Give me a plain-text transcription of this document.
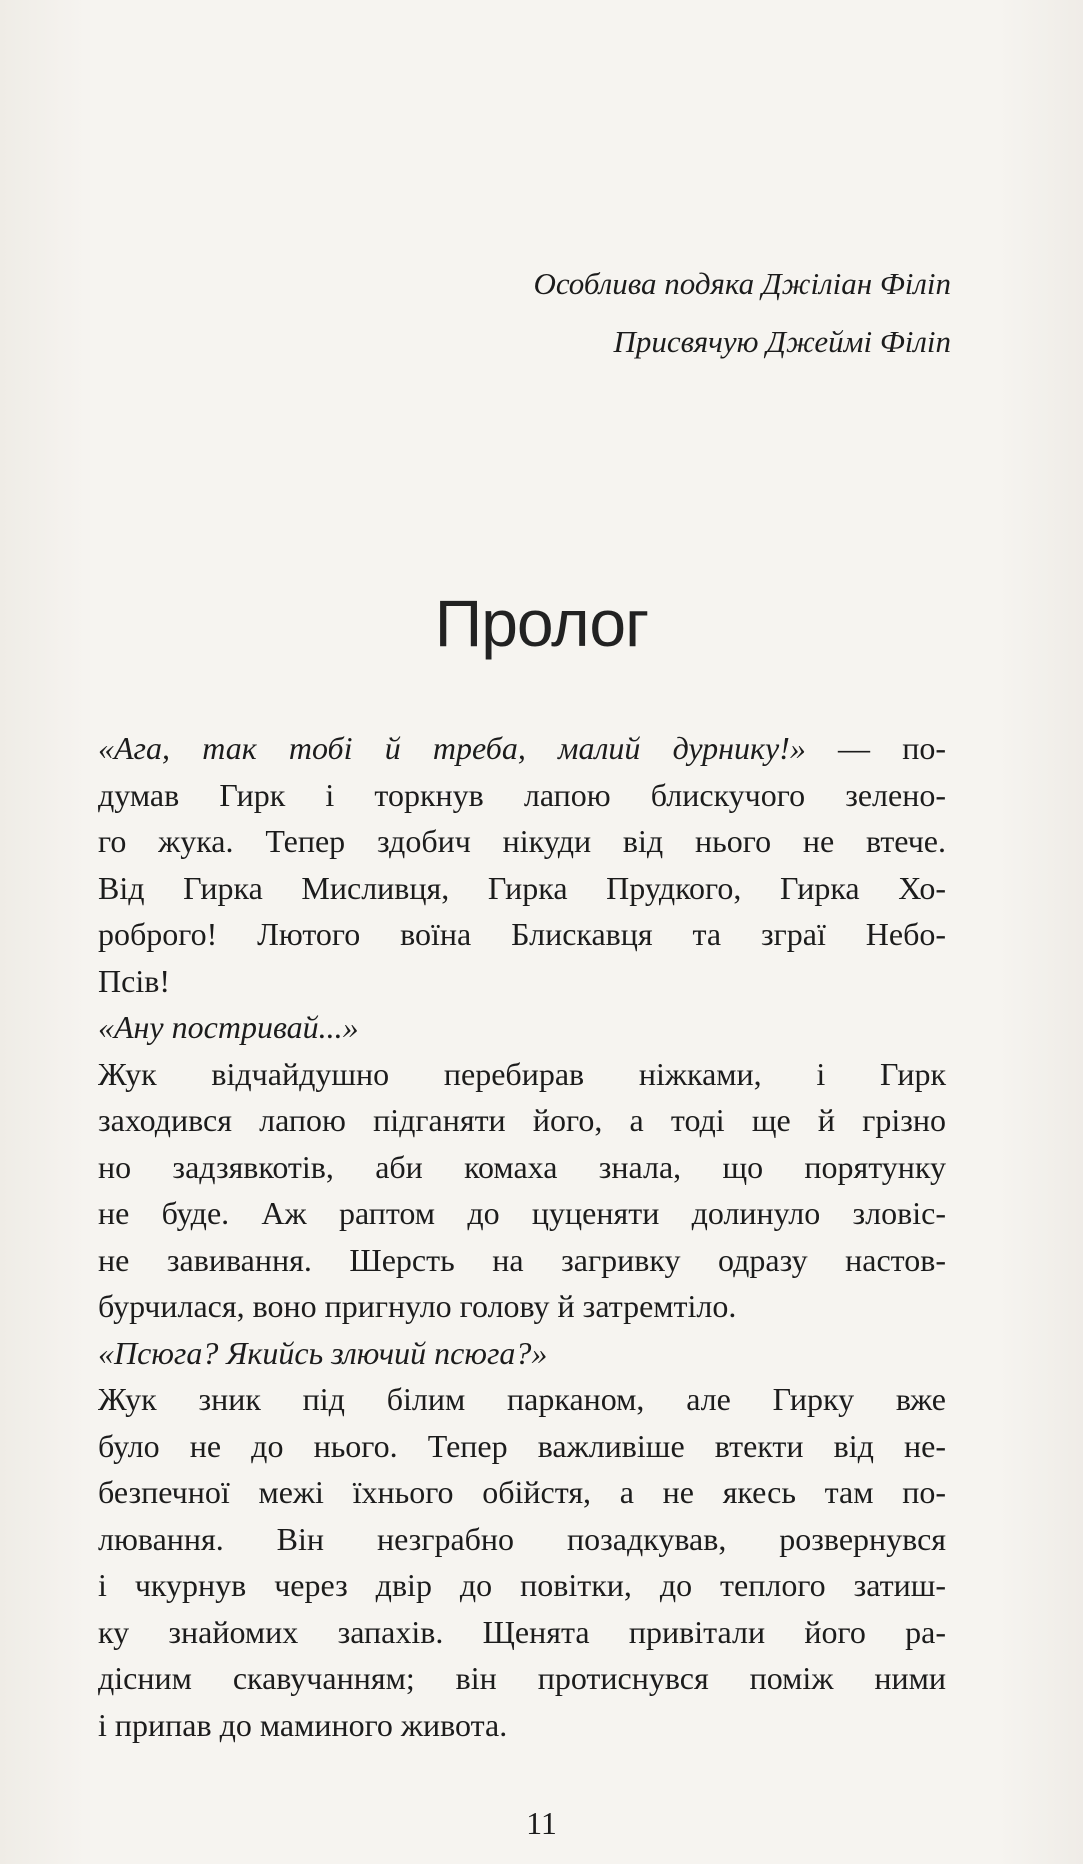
Особлива подяка Джіліан Філіп
Присвячую Джеймі Філіп
Пролог
«Ага, так тобі й треба, малий дурнику!» — по-
думав Гирк і торкнув лапою блискучого зелено-
го жука. Тепер здобич нікуди від нього не втече.
Від Гирка Мисливця, Гирка Прудкого, Гирка Хо-
роброго! Лютого воїна Блискавця та зграї Небо-
Псів!
«Ану постривай...»
Жук відчайдушно перебирав ніжками, і Гирк
заходився лапою підганяти його, а тоді ще й грізно
но задзявкотів, аби комаха знала, що порятунку
не буде. Аж раптом до цуценяти долинуло зловіс-
не завивання. Шерсть на загривку одразу настов-
бурчилася, воно пригнуло голову й затремтіло.
«Псюга? Якийсь злючий псюга?»
Жук зник під білим парканом, але Гирку вже
було не до нього. Тепер важливіше втекти від не-
безпечної межі їхнього обійстя, а не якесь там по-
лювання. Він незграбно позадкував, розвернувся
і чкурнув через двір до повітки, до теплого затиш-
ку знайомих запахів. Щенята привітали його ра-
дісним скавучанням; він протиснувся поміж ними
і припав до маминого живота.
11
